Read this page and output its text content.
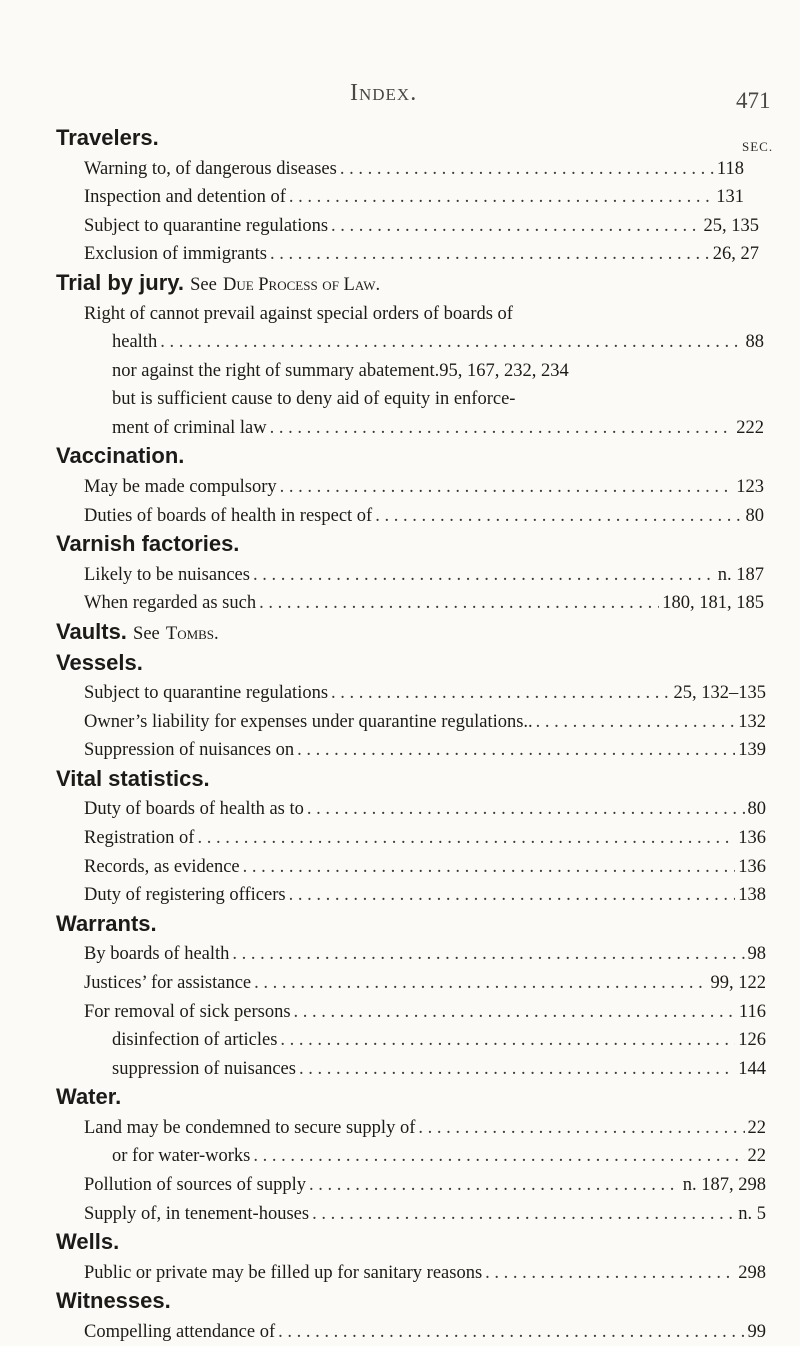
Index.	471
SEC.
Travelers.
Warning to, of dangerous diseases . . .	118
Inspection and detention of . . .	131
Subject to quarantine regulations . . .	25, 135
Exclusion of immigrants . . .	26, 27
Trial by jury. See Due Process of Law.
Right of cannot prevail against special orders of boards of
health . . .	88
nor against the right of summary abatement. 95, 167, 232, 234
but is sufficient cause to deny aid of equity in enforce-
ment of criminal law . . .	222
Vaccination.
May be made compulsory . . .	123
Duties of boards of health in respect of . . .	80
Varnish factories.
Likely to be nuisances . . .	n. 187
When regarded as such . . .	180, 181, 185
Vaults. See Tombs.
Vessels.
Subject to quarantine regulations . . .	25, 132–135
Owner’s liability for expenses under quarantine regulations.. . . .	132
Suppression of nuisances on . . .	139
Vital statistics.
Duty of boards of health as to . . .	80
Registration of . . .	136
Records, as evidence . . .	136
Duty of registering officers . . .	138
Warrants.
By boards of health . . .	98
Justices’ for assistance . . .	99, 122
For removal of sick persons . . .	116
disinfection of articles . . .	126
suppression of nuisances . . .	144
Water.
Land may be condemned to secure supply of . . .	22
or for water-works . . .	22
Pollution of sources of supply . . .	n. 187, 298
Supply of, in tenement-houses . . .	n. 5
Wells.
Public or private may be filled up for sanitary reasons . . .	298
Witnesses.
Compelling attendance of . . .	99
